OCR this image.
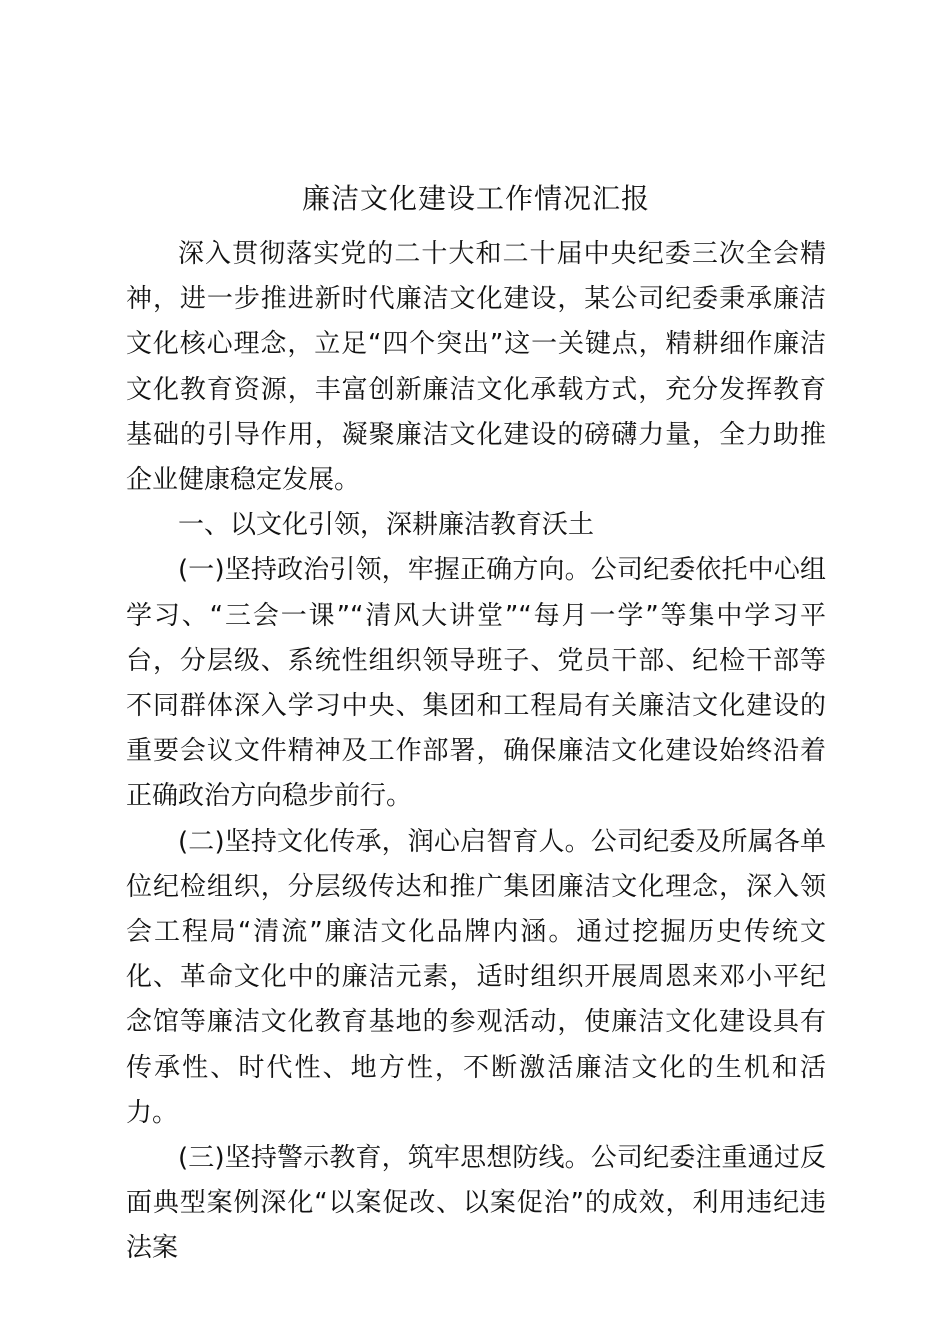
廉洁文化建设工作情况汇报

深入贯彻落实党的二十大和二十届中央纪委三次全会精神，进一步推进新时代廉洁文化建设，某公司纪委秉承廉洁文化核心理念，立足“四个突出”这一关键点，精耕细作廉洁文化教育资源，丰富创新廉洁文化承载方式，充分发挥教育基础的引导作用，凝聚廉洁文化建设的磅礴力量，全力助推企业健康稳定发展。

一、以文化引领，深耕廉洁教育沃土

(一)坚持政治引领，牢握正确方向。公司纪委依托中心组学习、“三会一课”“清风大讲堂”“每月一学”等集中学习平台，分层级、系统性组织领导班子、党员干部、纪检干部等不同群体深入学习中央、集团和工程局有关廉洁文化建设的重要会议文件精神及工作部署，确保廉洁文化建设始终沿着正确政治方向稳步前行。

(二)坚持文化传承，润心启智育人。公司纪委及所属各单位纪检组织，分层级传达和推广集团廉洁文化理念，深入领会工程局“清流”廉洁文化品牌内涵。通过挖掘历史传统文化、革命文化中的廉洁元素，适时组织开展周恩来邓小平纪念馆等廉洁文化教育基地的参观活动，使廉洁文化建设具有传承性、时代性、地方性，不断激活廉洁文化的生机和活力。

(三)坚持警示教育，筑牢思想防线。公司纪委注重通过反面典型案例深化“以案促改、以案促治”的成效，利用违纪违法案
